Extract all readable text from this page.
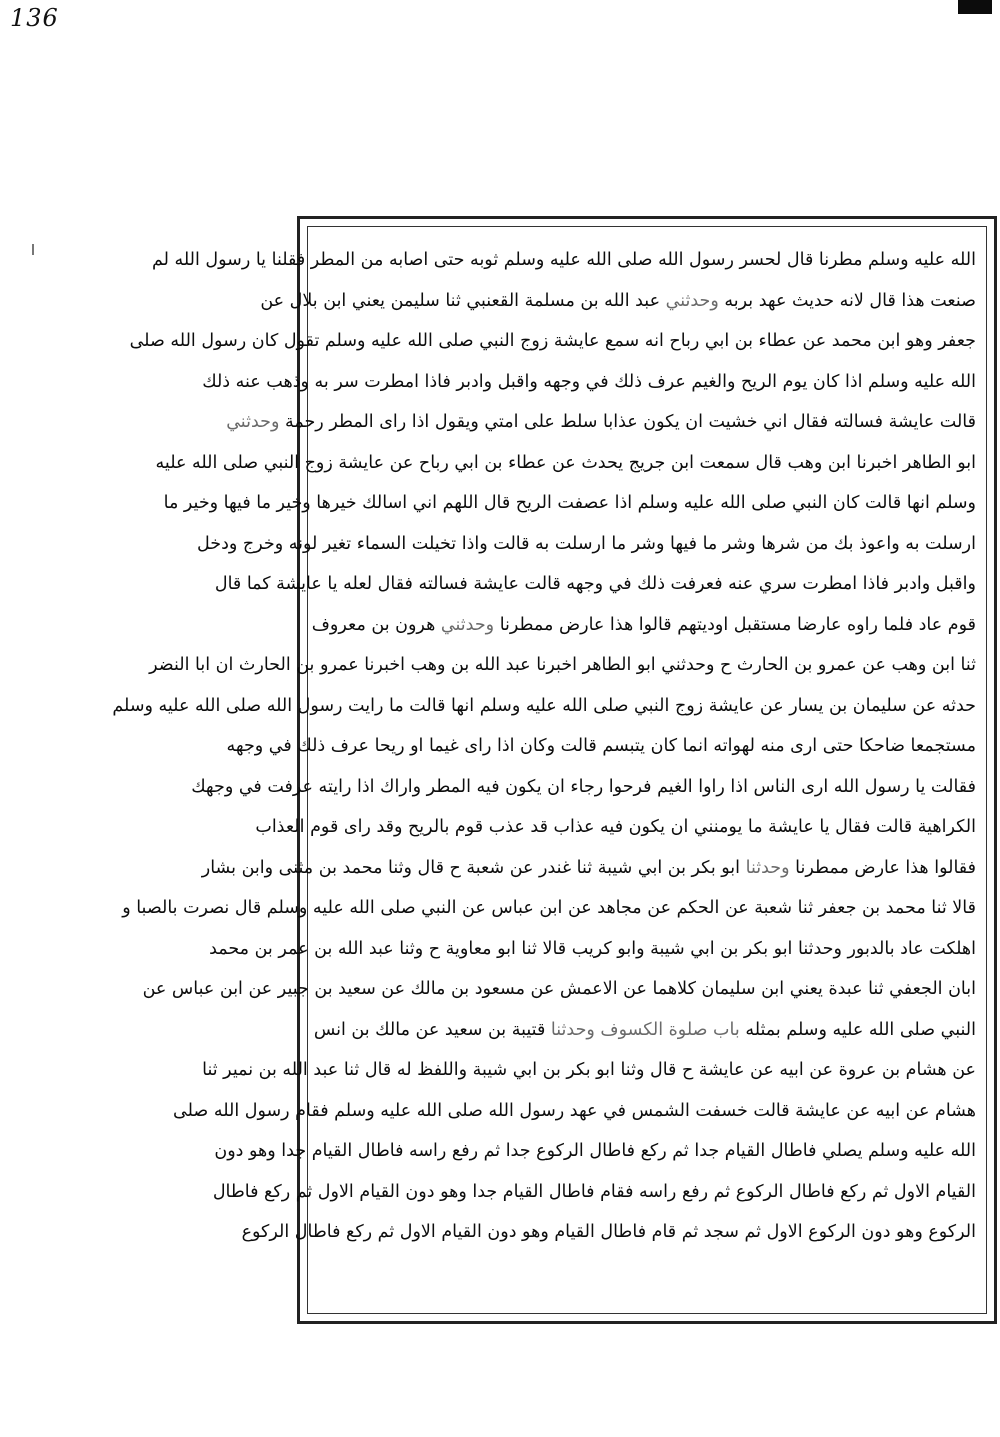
136
الله عليه وسلم مطرنا قال لحسر رسول الله صلى الله عليه وسلم ثوبه حتى اصابه من المطر فقلنا يا رسول الله لم
صنعت هذا قال لانه حديث عهد بربه وحدثني عبد الله بن مسلمة القعنبي ثنا سليمن يعني ابن بلال عن
جعفر وهو ابن محمد عن عطاء بن ابي رباح انه سمع عايشة زوج النبي صلى الله عليه وسلم تقول كان رسول الله صلى
الله عليه وسلم اذا كان يوم الريح والغيم عرف ذلك في وجهه واقبل وادبر فاذا امطرت سر به وذهب عنه ذلك
قالت عايشة فسالته فقال اني خشيت ان يكون عذابا سلط على امتي ويقول اذا راى المطر رحمة وحدثني
ابو الطاهر اخبرنا ابن وهب قال سمعت ابن جريج يحدث عن عطاء بن ابي رباح عن عايشة زوج النبي صلى الله عليه
وسلم انها قالت كان النبي صلى الله عليه وسلم اذا عصفت الريح قال اللهم اني اسالك خيرها وخير ما فيها وخير ما
ارسلت به واعوذ بك من شرها وشر ما فيها وشر ما ارسلت به قالت واذا تخيلت السماء تغير لونه وخرج ودخل
واقبل وادبر فاذا امطرت سري عنه فعرفت ذلك في وجهه قالت عايشة فسالته فقال لعله يا عايشة كما قال
قوم عاد فلما راوه عارضا مستقبل اوديتهم قالوا هذا عارض ممطرنا وحدثني هرون بن معروف
ثنا ابن وهب عن عمرو بن الحارث ح وحدثني ابو الطاهر اخبرنا عبد الله بن وهب اخبرنا عمرو بن الحارث ان ابا النضر
حدثه عن سليمان بن يسار عن عايشة زوج النبي صلى الله عليه وسلم انها قالت ما رايت رسول الله صلى الله عليه وسلم
مستجمعا ضاحكا حتى ارى منه لهواته انما كان يتبسم قالت وكان اذا راى غيما او ريحا عرف ذلك في وجهه
فقالت يا رسول الله ارى الناس اذا راوا الغيم فرحوا رجاء ان يكون فيه المطر واراك اذا رايته عرفت في وجهك
الكراهية قالت فقال يا عايشة ما يومنني ان يكون فيه عذاب قد عذب قوم بالريح وقد راى قوم العذاب
فقالوا هذا عارض ممطرنا وحدثنا ابو بكر بن ابي شيبة ثنا غندر عن شعبة ح قال وثنا محمد بن مثنى وابن بشار
قالا ثنا محمد بن جعفر ثنا شعبة عن الحكم عن مجاهد عن ابن عباس عن النبي صلى الله عليه وسلم قال نصرت بالصبا و
اهلكت عاد بالدبور وحدثنا ابو بكر بن ابي شيبة وابو كريب قالا ثنا ابو معاوية ح وثنا عبد الله بن عمر بن محمد
ابان الجعفي ثنا عبدة يعني ابن سليمان كلاهما عن الاعمش عن مسعود بن مالك عن سعيد بن جبير عن ابن عباس عن
النبي صلى الله عليه وسلم بمثله باب صلوة الكسوف وحدثنا قتيبة بن سعيد عن مالك بن انس
عن هشام بن عروة عن ابيه عن عايشة ح قال وثنا ابو بكر بن ابي شيبة واللفظ له قال ثنا عبد الله بن نمير ثنا
هشام عن ابيه عن عايشة قالت خسفت الشمس في عهد رسول الله صلى الله عليه وسلم فقام رسول الله صلى
الله عليه وسلم يصلي فاطال القيام جدا ثم ركع فاطال الركوع جدا ثم رفع راسه فاطال القيام جدا وهو دون
القيام الاول ثم ركع فاطال الركوع ثم رفع راسه فقام فاطال القيام جدا وهو دون القيام الاول ثم ركع فاطال
الركوع وهو دون الركوع الاول ثم سجد ثم قام فاطال القيام وهو دون القيام الاول ثم ركع فاطال الركوع
